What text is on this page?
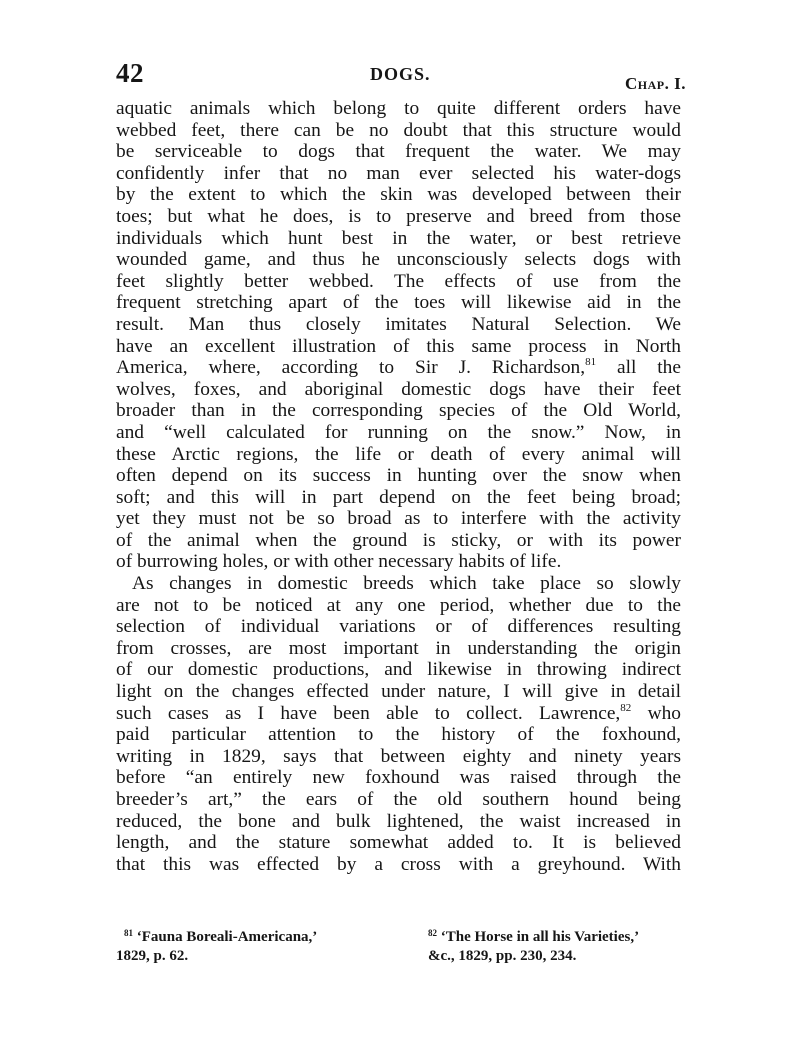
42	DOGS.	Chap. I.
aquatic animals which belong to quite different orders have
webbed feet, there can be no doubt that this structure would
be serviceable to dogs that frequent the water. We may
confidently infer that no man ever selected his water-dogs
by the extent to which the skin was developed between their
toes; but what he does, is to preserve and breed from those
individuals which hunt best in the water, or best retrieve
wounded game, and thus he unconsciously selects dogs with
feet slightly better webbed. The effects of use from the
frequent stretching apart of the toes will likewise aid in the
result. Man thus closely imitates Natural Selection. We
have an excellent illustration of this same process in North
America, where, according to Sir J. Richardson,$^{81}$ all the
wolves, foxes, and aboriginal domestic dogs have their feet
broader than in the corresponding species of the Old World,
and “well calculated for running on the snow.” Now, in
these Arctic regions, the life or death of every animal will
often depend on its success in hunting over the snow when
soft; and this will in part depend on the feet being broad;
yet they must not be so broad as to interfere with the activity
of the animal when the ground is sticky, or with its power
of burrowing holes, or with other necessary habits of life.
As changes in domestic breeds which take place so slowly
are not to be noticed at any one period, whether due to the
selection of individual variations or of differences resulting
from crosses, are most important in understanding the origin
of our domestic productions, and likewise in throwing indirect
light on the changes effected under nature, I will give in detail
such cases as I have been able to collect. Lawrence,$^{82}$ who
paid particular attention to the history of the foxhound,
writing in 1829, says that between eighty and ninety years
before “an entirely new foxhound was raised through the
breeder’s art,” the ears of the old southern hound being
reduced, the bone and bulk lightened, the waist increased in
length, and the stature somewhat added to. It is believed
that this was effected by a cross with a greyhound. With
$^{81}$ ‘Fauna Boreali-Americana,’
1829, p. 62.
$^{82}$ ‘The Horse in all his Varieties,’
&c., 1829, pp. 230, 234.
